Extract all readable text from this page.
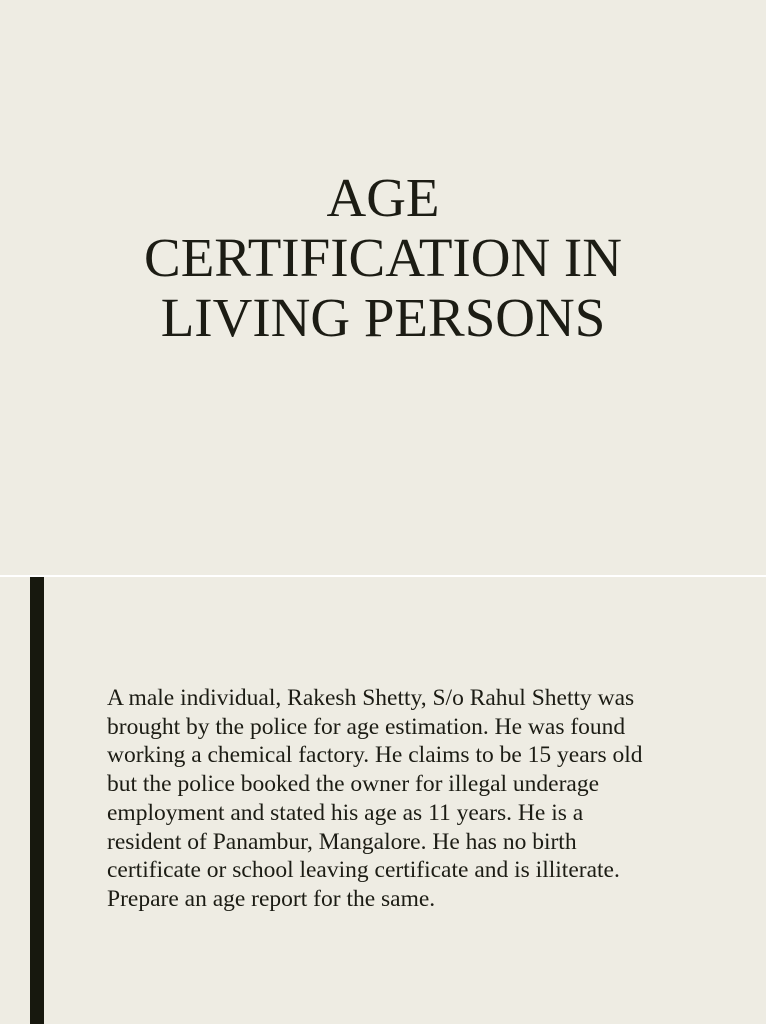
AGE
CERTIFICATION IN
LIVING PERSONS

A male individual, Rakesh Shetty, S/o Rahul Shetty was
brought by the police for age estimation. He was found
working a chemical factory. He claims to be 15 years old
but the police booked the owner for illegal underage
employment and stated his age as 11 years. He is a
resident of Panambur, Mangalore. He has no birth
certificate or school leaving certificate and is illiterate.
Prepare an age report for the same.
